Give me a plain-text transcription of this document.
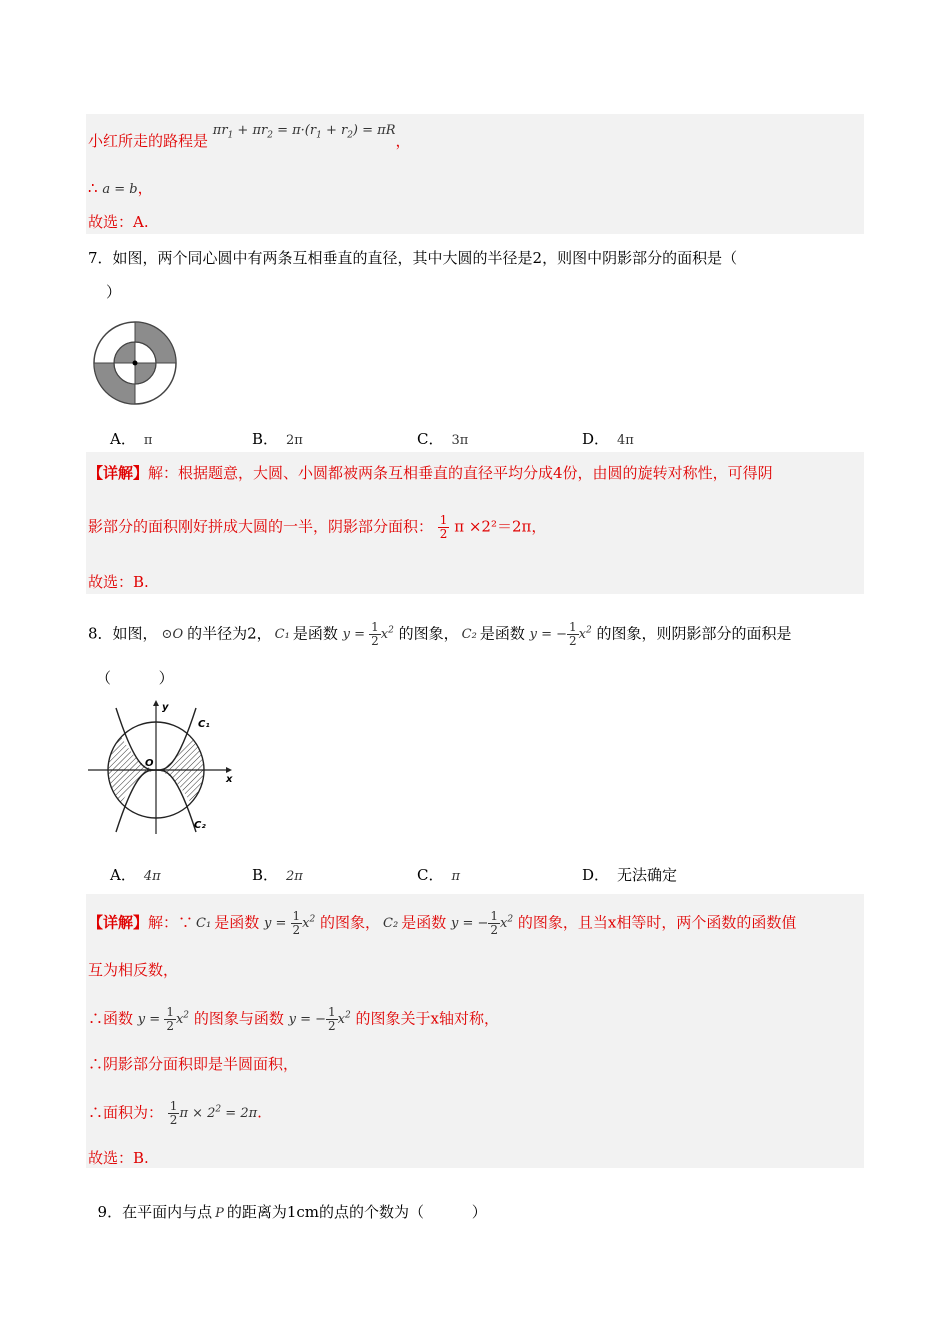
小红所走的路程是 $\pi r_1 + \pi r_2 = \pi\cdot(r_1 + r_2) = \pi R$，
∴ a = b，
故选：A.
7．如图，两个同心圆中有两条互相垂直的直径，其中大圆的半径是2，则图中阴影部分的面积是（
）
A． π	B． 2π	C． 3π	D． 4π
【详解】解：根据题意，大圆、小圆都被两条互相垂直的直径平均分成4份，由圆的旋转对称性，可得阴
影部分的面积刚好拼成大圆的一半，阴影部分面积： $\frac{1}{2}$ π ×2²＝2π，
故选：B.
8．如图， ⊙O 的半径为2， C₁ 是函数 $y = \frac{1}{2} x^2$ 的图象， C₂ 是函数 y = − $\frac{1}{2} x^2$ 的图象，则阴影部分的面积是
（          ）
y
x
O
C₁
C₂
A． 4π	B． 2π	C． π	D． 无法确定
【详解】解：∵ C₁ 是函数 $y = \frac{1}{2} x^2$ 的图象， C₂ 是函数 y = − $\frac{1}{2} x^2$ 的图象，且当x相等时，两个函数的函数值
互为相反数，
∴函数 $y = \frac{1}{2} x^2$ 的图象与函数 y = − $\frac{1}{2} x^2$ 的图象关于x轴对称，
∴阴影部分面积即是半圆面积，
∴面积为： $\frac{1}{2}$ $\pi \times 2^2 = 2\pi$.
故选：B.

9．在平面内与点 P 的距离为1cm的点的个数为（          ）
